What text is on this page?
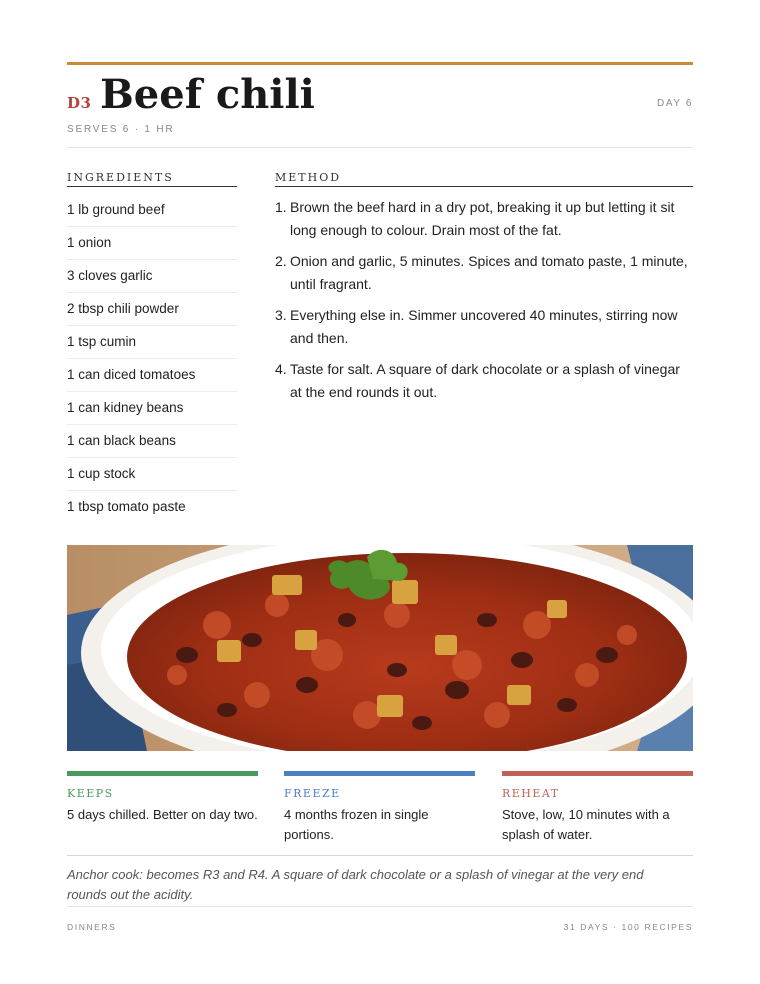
D3 Beef chili	DAY 6
SERVES 6 · 1 HR
INGREDIENTS
1 lb ground beef
1 onion
3 cloves garlic
2 tbsp chili powder
1 tsp cumin
1 can diced tomatoes
1 can kidney beans
1 can black beans
1 cup stock
1 tbsp tomato paste
METHOD
1. Brown the beef hard in a dry pot, breaking it up but letting it sit long enough to colour. Drain most of the fat.
2. Onion and garlic, 5 minutes. Spices and tomato paste, 1 minute, until fragrant.
3. Everything else in. Simmer uncovered 40 minutes, stirring now and then.
4. Taste for salt. A square of dark chocolate or a splash of vinegar at the end rounds it out.
KEEPS
5 days chilled. Better on day two.
FREEZE
4 months frozen in single portions.
REHEAT
Stove, low, 10 minutes with a splash of water.

Anchor cook: becomes R3 and R4. A square of dark chocolate or a splash of vinegar at the very end rounds out the acidity.

DINNERS	31 DAYS · 100 RECIPES
